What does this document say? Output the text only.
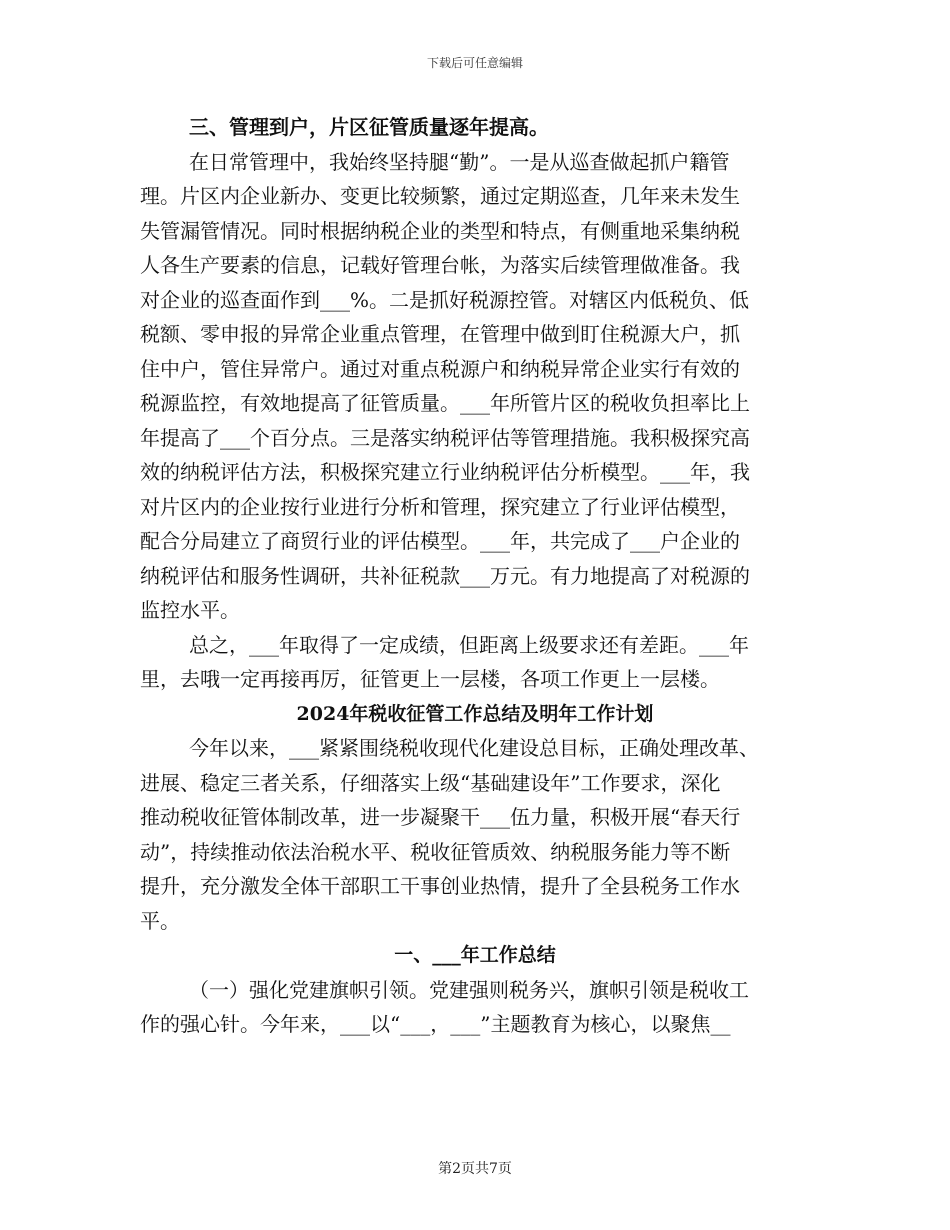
下载后可任意编辑
三、管理到户，片区征管质量逐年提高。
在日常管理中，我始终坚持腿“勤”。一是从巡查做起抓户籍管
理。片区内企业新办、变更比较频繁，通过定期巡查，几年来未发生
失管漏管情况。同时根据纳税企业的类型和特点，有侧重地采集纳税
人各生产要素的信息，记载好管理台帐，为落实后续管理做准备。我
对企业的巡查面作到___%。二是抓好税源控管。对辖区内低税负、低
税额、零申报的异常企业重点管理，在管理中做到盯住税源大户，抓
住中户，管住异常户。通过对重点税源户和纳税异常企业实行有效的
税源监控，有效地提高了征管质量。___年所管片区的税收负担率比上
年提高了___个百分点。三是落实纳税评估等管理措施。我积极探究高
效的纳税评估方法，积极探究建立行业纳税评估分析模型。___年，我
对片区内的企业按行业进行分析和管理，探究建立了行业评估模型，
配合分局建立了商贸行业的评估模型。___年，共完成了___户企业的
纳税评估和服务性调研，共补征税款___万元。有力地提高了对税源的
监控水平。
总之，___年取得了一定成绩，但距离上级要求还有差距。___年
里，去哦一定再接再厉，征管更上一层楼，各项工作更上一层楼。
2024年税收征管工作总结及明年工作计划
今年以来，___紧紧围绕税收现代化建设总目标，正确处理改革、
进展、稳定三者关系，仔细落实上级“基础建设年”工作要求，深化
推动税收征管体制改革，进一步凝聚干___伍力量，积极开展“春天行
动”，持续推动依法治税水平、税收征管质效、纳税服务能力等不断
提升，充分激发全体干部职工干事创业热情，提升了全县税务工作水
平。
一、___年工作总结
（一）强化党建旗帜引领。党建强则税务兴，旗帜引领是税收工
作的强心针。今年来，___以“___，___”主题教育为核心，以聚焦__
第2页共7页
